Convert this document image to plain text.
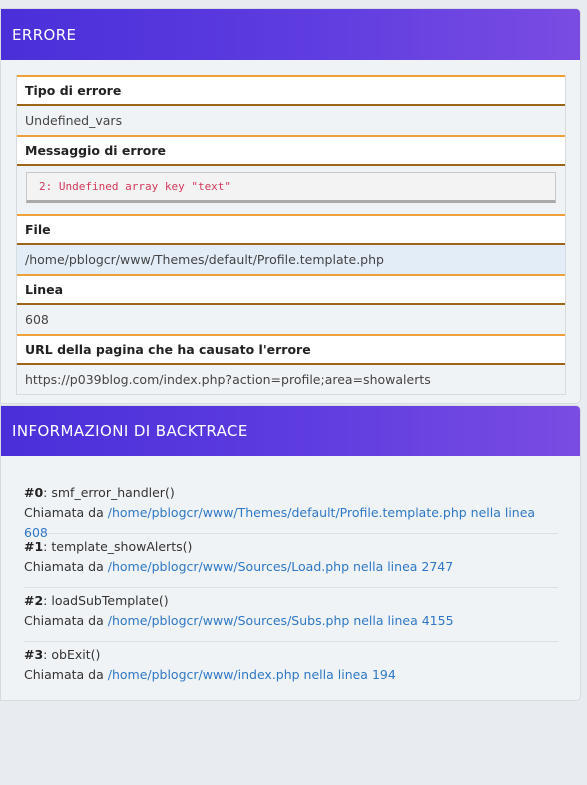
ERRORE
Tipo di errore
Undefined_vars
Messaggio di errore
2: Undefined array key "text"
File
/home/pblogcr/www/Themes/default/Profile.template.php
Linea
608
URL della pagina che ha causato l'errore
https://p039blog.com/index.php?action=profile;area=showalerts
INFORMAZIONI DI BACKTRACE
#0: smf_error_handler()
Chiamata da /home/pblogcr/www/Themes/default/Profile.template.php nella linea 608
#1: template_showAlerts()
Chiamata da /home/pblogcr/www/Sources/Load.php nella linea 2747
#2: loadSubTemplate()
Chiamata da /home/pblogcr/www/Sources/Subs.php nella linea 4155
#3: obExit()
Chiamata da /home/pblogcr/www/index.php nella linea 194
